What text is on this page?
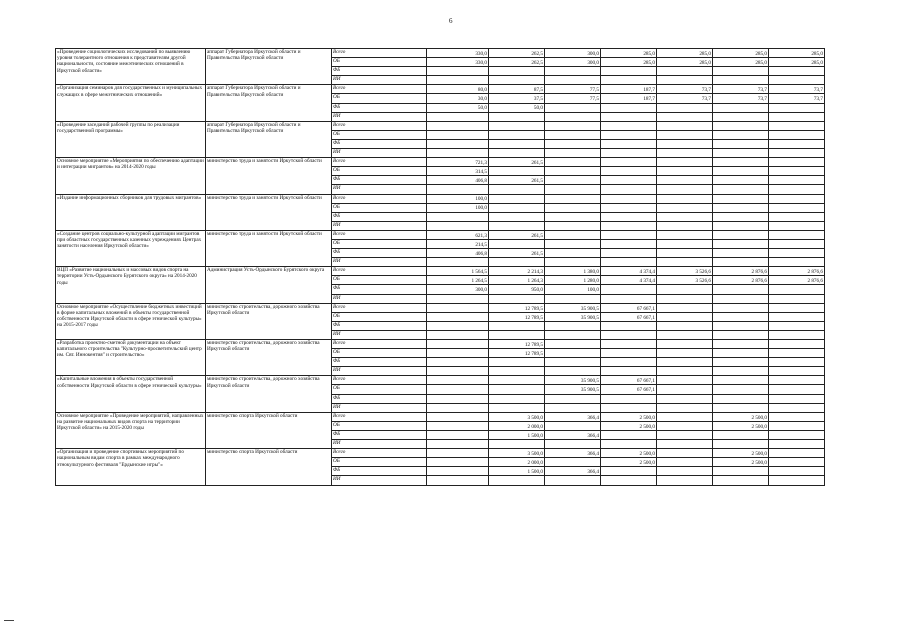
6
«Проведение социологических исследований по выявлению уровня толерантного отношения к представителям другой национальности, состояние межэтнических отношений в Иркутской области»	аппарат Губернатора Иркутской области и Правительства Иркутской области	Всего	330,0	262,5	300,0	285,0	285,0	285,0	285,0
		ОБ	330,0	262,5	300,0	285,0	285,0	285,0	285,0
		ФБ							
		ИИ							
«Организация семинаров для государственных и муниципальных служащих в сфере межэтнических отношений»	аппарат Губернатора Иркутской области и Правительства Иркутской области	Всего	80,0	87,5	77,5	187,7	73,7	73,7	73,7
		ОБ	30,0	37,5	77,5	187,7	73,7	73,7	73,7
		ФБ	50,0	50,0					
		ИИ							
«Проведение заседаний рабочей группы по реализации государственной программы»	аппарат Губернатора Иркутской области и Правительства Иркутской области	Всего							
		ОБ							
		ФБ							
		ИИ							
Основное мероприятие «Мероприятия по обеспечению адаптации и интеграции мигрантов» на 2014-2020 годы	министерство труда и занятости Иркутской области	Всего	721,3	261,5					
		ОБ	314,5						
		ФБ	406,8	261,5					
		ИИ							
«Издание информационных сборников для трудовых мигрантов»	министерство труда и занятости Иркутской области	Всего	100,0						
		ОБ	100,0						
		ФБ							
		ИИ							
«Создание центров социально-культурной адаптации мигрантов при областных государственных казенных учреждениях Центрах занятости населения Иркутской области»	министерство труда и занятости Иркутской области	Всего	621,3	261,5					
		ОБ	214,5						
		ФБ	406,8	261,5					
		ИИ							
ВЦП «Развитие национальных и массовых видов спорта на территории Усть-Ордынского Бурятского округа» на 2014-2020 годы	Администрация Усть-Ордынского Бурятского округа	Всего	1 564,5	2 214,3	1 380,0	4 374,4	3 526,6	2 876,6	2 876,6
		ОБ	1 264,5	1 264,3	1 280,0	4 374,4	3 526,6	2 876,6	2 876,6
		ФБ	300,0	950,0	100,0				
		ИИ							
Основное мероприятие «Осуществление бюджетных инвестиций в форме капитальных вложений в объекты государственной собственности Иркутской области в сфере этнической культуры» на 2015-2017 годы	министерство строительства, дорожного хозяйства Иркутской области	Всего		12 789,5	35 900,5	67 667,1			
		ОБ		12 789,5	35 900,5	67 667,1			
		ФБ							
		ИИ							
«Разработка проектно-сметной документации на объект капитального строительства "Культурно-просветительский центр им. Свт. Иннокентия" и строительство»	министерство строительства, дорожного хозяйства Иркутской области	Всего		12 789,5					
		ОБ		12 789,5					
		ФБ							
		ИИ							
«Капитальные вложения в объекты государственной собственности Иркутской области в сфере этнической культуры»	министерство строительства, дорожного хозяйства Иркутской области	Всего			35 900,5	67 667,1			
		ОБ			35 900,5	67 667,1			
		ФБ							
		ИИ							
Основное мероприятие «Проведение мероприятий, направленных на развитие национальных видов спорта на территории Иркутской области» на 2015-2020 годы	министерство спорта Иркутской области	Всего		3 500,0	366,4	2 500,0		2 500,0	
		ОБ		2 000,0		2 500,0		2 500,0	
		ФБ		1 500,0	366,4				
		ИИ							
«Организация и проведение спортивных мероприятий по национальным видам спорта в рамках международного этнокультурного фестиваля "Ердынские игры"»	министерство спорта Иркутской области	Всего		3 500,0	366,4	2 500,0		2 500,0	
		ОБ		2 000,0		2 500,0		2 500,0	
		ФБ		1 500,0	366,4				
		ИИ							
